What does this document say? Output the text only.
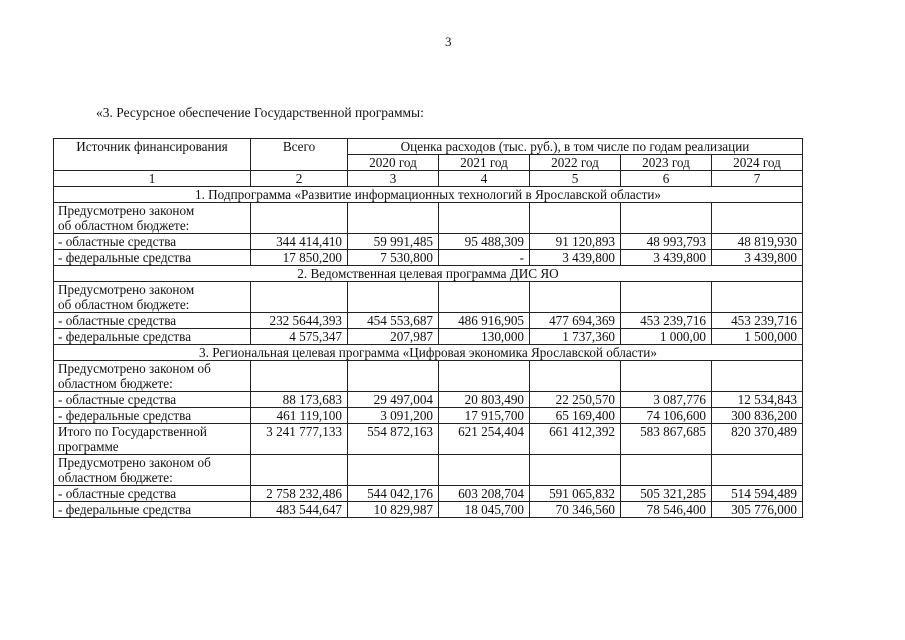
3
«3. Ресурсное обеспечение Государственной программы:
Источник финансирования	Всего	Оценка расходов (тыс. руб.), в том числе по годам реализации				
		2020 год	2021 год	2022 год	2023 год	2024 год
1	2	3	4	5	6	7
1. Подпрограмма «Развитие информационных технологий в Ярославской области»						
Предусмотрено законом
об областном бюджете:						
- областные средства	344 414,410	59 991,485	95 488,309	91 120,893	48 993,793	48 819,930
- федеральные средства	17 850,200	7 530,800	-	3 439,800	3 439,800	3 439,800
2. Ведомственная целевая программа ДИС ЯО						
Предусмотрено законом
об областном бюджете:						
- областные средства	232 5644,393	454 553,687	486 916,905	477 694,369	453 239,716	453 239,716
- федеральные средства	4 575,347	207,987	130,000	1 737,360	1 000,00	1 500,000
3. Региональная целевая программа «Цифровая экономика Ярославской области»						
Предусмотрено законом об
областном бюджете:						
- областные средства	88 173,683	29 497,004	20 803,490	22 250,570	3 087,776	12 534,843
- федеральные средства	461 119,100	3 091,200	17 915,700	65 169,400	74 106,600	300 836,200
Итого по Государственной программе	3 241 777,133	554 872,163	621 254,404	661 412,392	583 867,685	820 370,489
Предусмотрено законом об
областном бюджете:						
- областные средства	2 758 232,486	544 042,176	603 208,704	591 065,832	505 321,285	514 594,489
- федеральные средства	483 544,647	10 829,987	18 045,700	70 346,560	78 546,400	305 776,000
